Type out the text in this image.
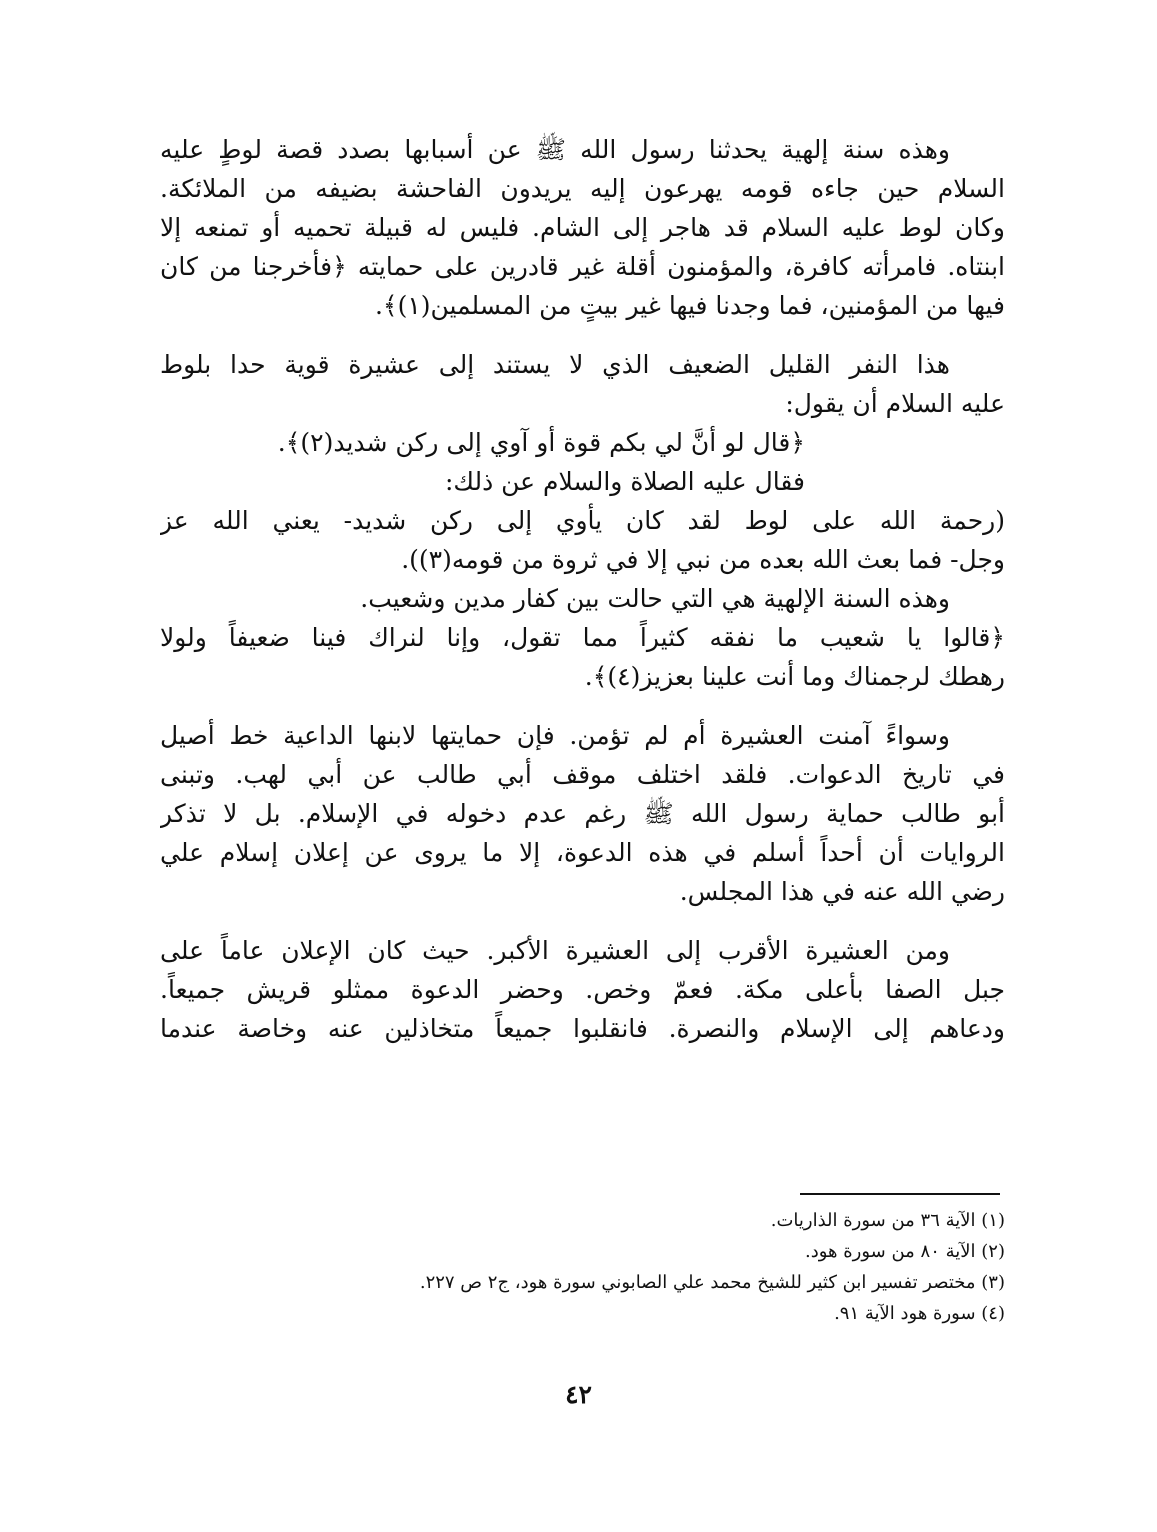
وهذه سنة إلهية يحدثنا رسول الله ﷺ عن أسبابها بصدد قصة لوطٍ عليه
السلام حين جاءه قومه يهرعون إليه يريدون الفاحشة بضيفه من الملائكة.
وكان لوط عليه السلام قد هاجر إلى الشام. فليس له قبيلة تحميه أو تمنعه إلا
ابنتاه. فامرأته كافرة، والمؤمنون أقلة غير قادرين على حمايته ﴿فأخرجنا من كان
فيها من المؤمنين، فما وجدنا فيها غير بيتٍ من المسلمين(١)﴾.
هذا النفر القليل الضعيف الذي لا يستند إلى عشيرة قوية حدا بلوط
عليه السلام أن يقول:
﴿قال لو أنَّ لي بكم قوة أو آوي إلى ركن شديد(٢)﴾.
فقال عليه الصلاة والسلام عن ذلك:
(رحمة الله على لوط لقد كان يأوي إلى ركن شديد- يعني الله عز
وجل- فما بعث الله بعده من نبي إلا في ثروة من قومه(٣)).
وهذه السنة الإلهية هي التي حالت بين كفار مدين وشعيب.
﴿قالوا يا شعيب ما نفقه كثيراً مما تقول، وإنا لنراك فينا ضعيفاً ولولا
رهطك لرجمناك وما أنت علينا بعزيز(٤)﴾.
وسواءً آمنت العشيرة أم لم تؤمن. فإن حمايتها لابنها الداعية خط أصيل
في تاريخ الدعوات. فلقد اختلف موقف أبي طالب عن أبي لهب. وتبنى
أبو طالب حماية رسول الله ﷺ رغم عدم دخوله في الإسلام. بل لا تذكر
الروايات أن أحداً أسلم في هذه الدعوة، إلا ما يروى عن إعلان إسلام علي
رضي الله عنه في هذا المجلس.
ومن العشيرة الأقرب إلى العشيرة الأكبر. حيث كان الإعلان عاماً على
جبل الصفا بأعلى مكة. فعمّ وخص. وحضر الدعوة ممثلو قريش جميعاً.
ودعاهم إلى الإسلام والنصرة. فانقلبوا جميعاً متخاذلين عنه وخاصة عندما
(١) الآية ٣٦ من سورة الذاريات.
(٢) الآية ٨٠ من سورة هود.
(٣) مختصر تفسير ابن كثير للشيخ محمد علي الصابوني سورة هود، ج٢ ص ٢٢٧.
(٤) سورة هود الآية ٩١.
٤٢
